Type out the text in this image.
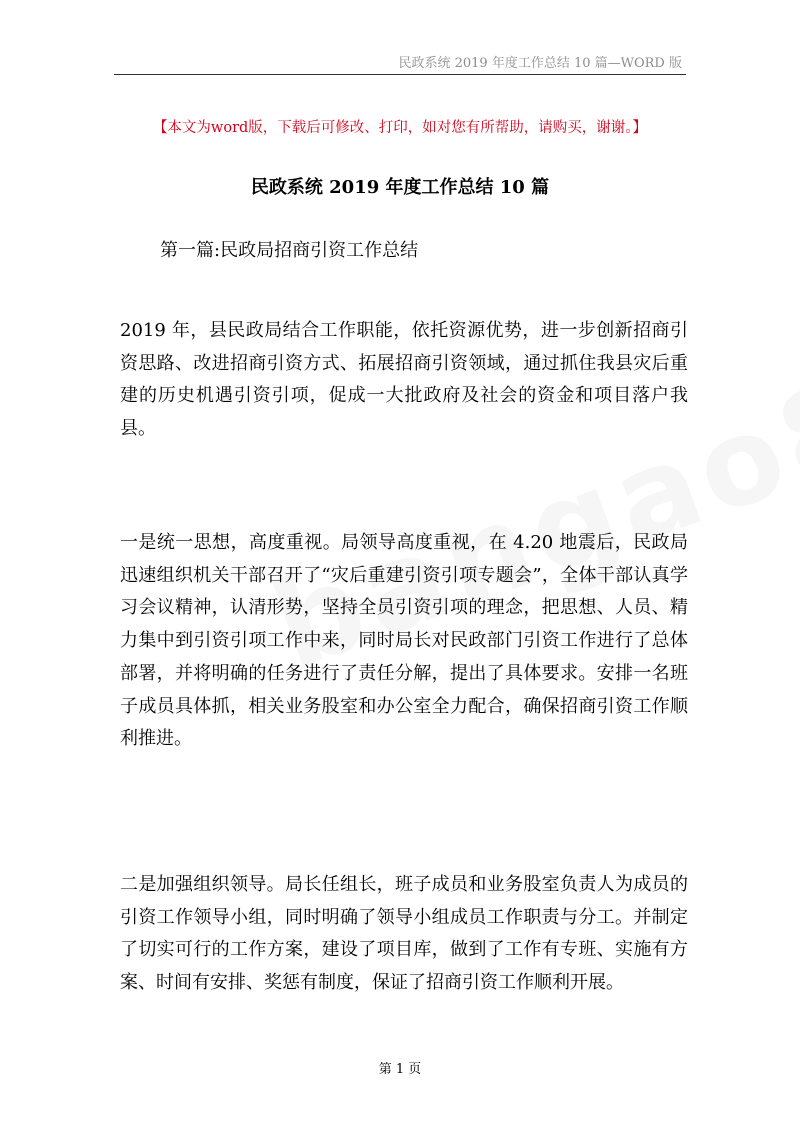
民政系统 2019 年度工作总结 10 篇—WORD 版
【本文为word版，下载后可修改、打印，如对您有所帮助，请购买，谢谢。】
民政系统 2019 年度工作总结 10 篇
第一篇:民政局招商引资工作总结

2019 年，县民政局结合工作职能，依托资源优势，进一步创新招商引资思路、改进招商引资方式、拓展招商引资领域，通过抓住我县灾后重建的历史机遇引资引项，促成一大批政府及社会的资金和项目落户我县。

一是统一思想，高度重视。局领导高度重视，在 4.20 地震后，民政局迅速组织机关干部召开了“灾后重建引资引项专题会”，全体干部认真学习会议精神，认清形势，坚持全员引资引项的理念，把思想、人员、精力集中到引资引项工作中来，同时局长对民政部门引资工作进行了总体部署，并将明确的任务进行了责任分解，提出了具体要求。安排一名班子成员具体抓，相关业务股室和办公室全力配合，确保招商引资工作顺利推进。

二是加强组织领导。局长任组长，班子成员和业务股室负责人为成员的引资工作领导小组，同时明确了领导小组成员工作职责与分工。并制定了切实可行的工作方案，建设了项目库，做到了工作有专班、实施有方案、时间有安排、奖惩有制度，保证了招商引资工作顺利开展。

第 1 页
